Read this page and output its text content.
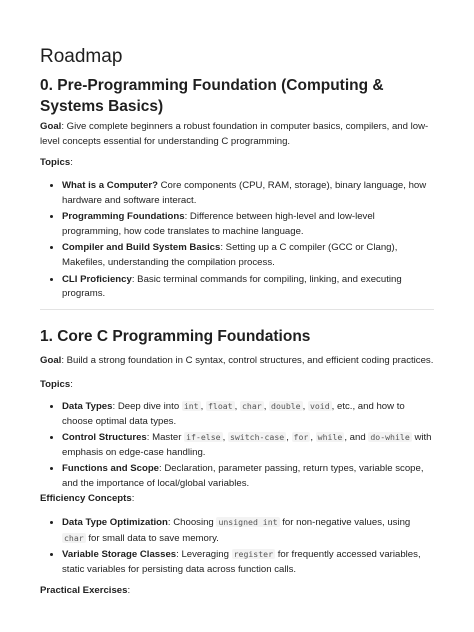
Roadmap
0. Pre-Programming Foundation (Computing & Systems Basics)

Goal: Give complete beginners a robust foundation in computer basics, compilers, and low-level concepts essential for understanding C programming.

Topics:

• What is a Computer? Core components (CPU, RAM, storage), binary language, how hardware and software interact.
• Programming Foundations: Difference between high-level and low-level programming, how code translates to machine language.
• Compiler and Build System Basics: Setting up a C compiler (GCC or Clang), Makefiles, understanding the compilation process.
• CLI Proficiency: Basic terminal commands for compiling, linking, and executing programs.
1. Core C Programming Foundations

Goal: Build a strong foundation in C syntax, control structures, and efficient coding practices.

Topics:

• Data Types: Deep dive into int , float , char , double , void , etc., and how to choose optimal data types.
• Control Structures: Master if-else , switch-case , for , while , and do-while with emphasis on edge-case handling.
• Functions and Scope: Declaration, parameter passing, return types, variable scope, and the importance of local/global variables.

Efficiency Concepts:

• Data Type Optimization: Choosing unsigned int for non-negative values, using char for small data to save memory.
• Variable Storage Classes: Leveraging register for frequently accessed variables, static variables for persisting data across function calls.

Practical Exercises:
